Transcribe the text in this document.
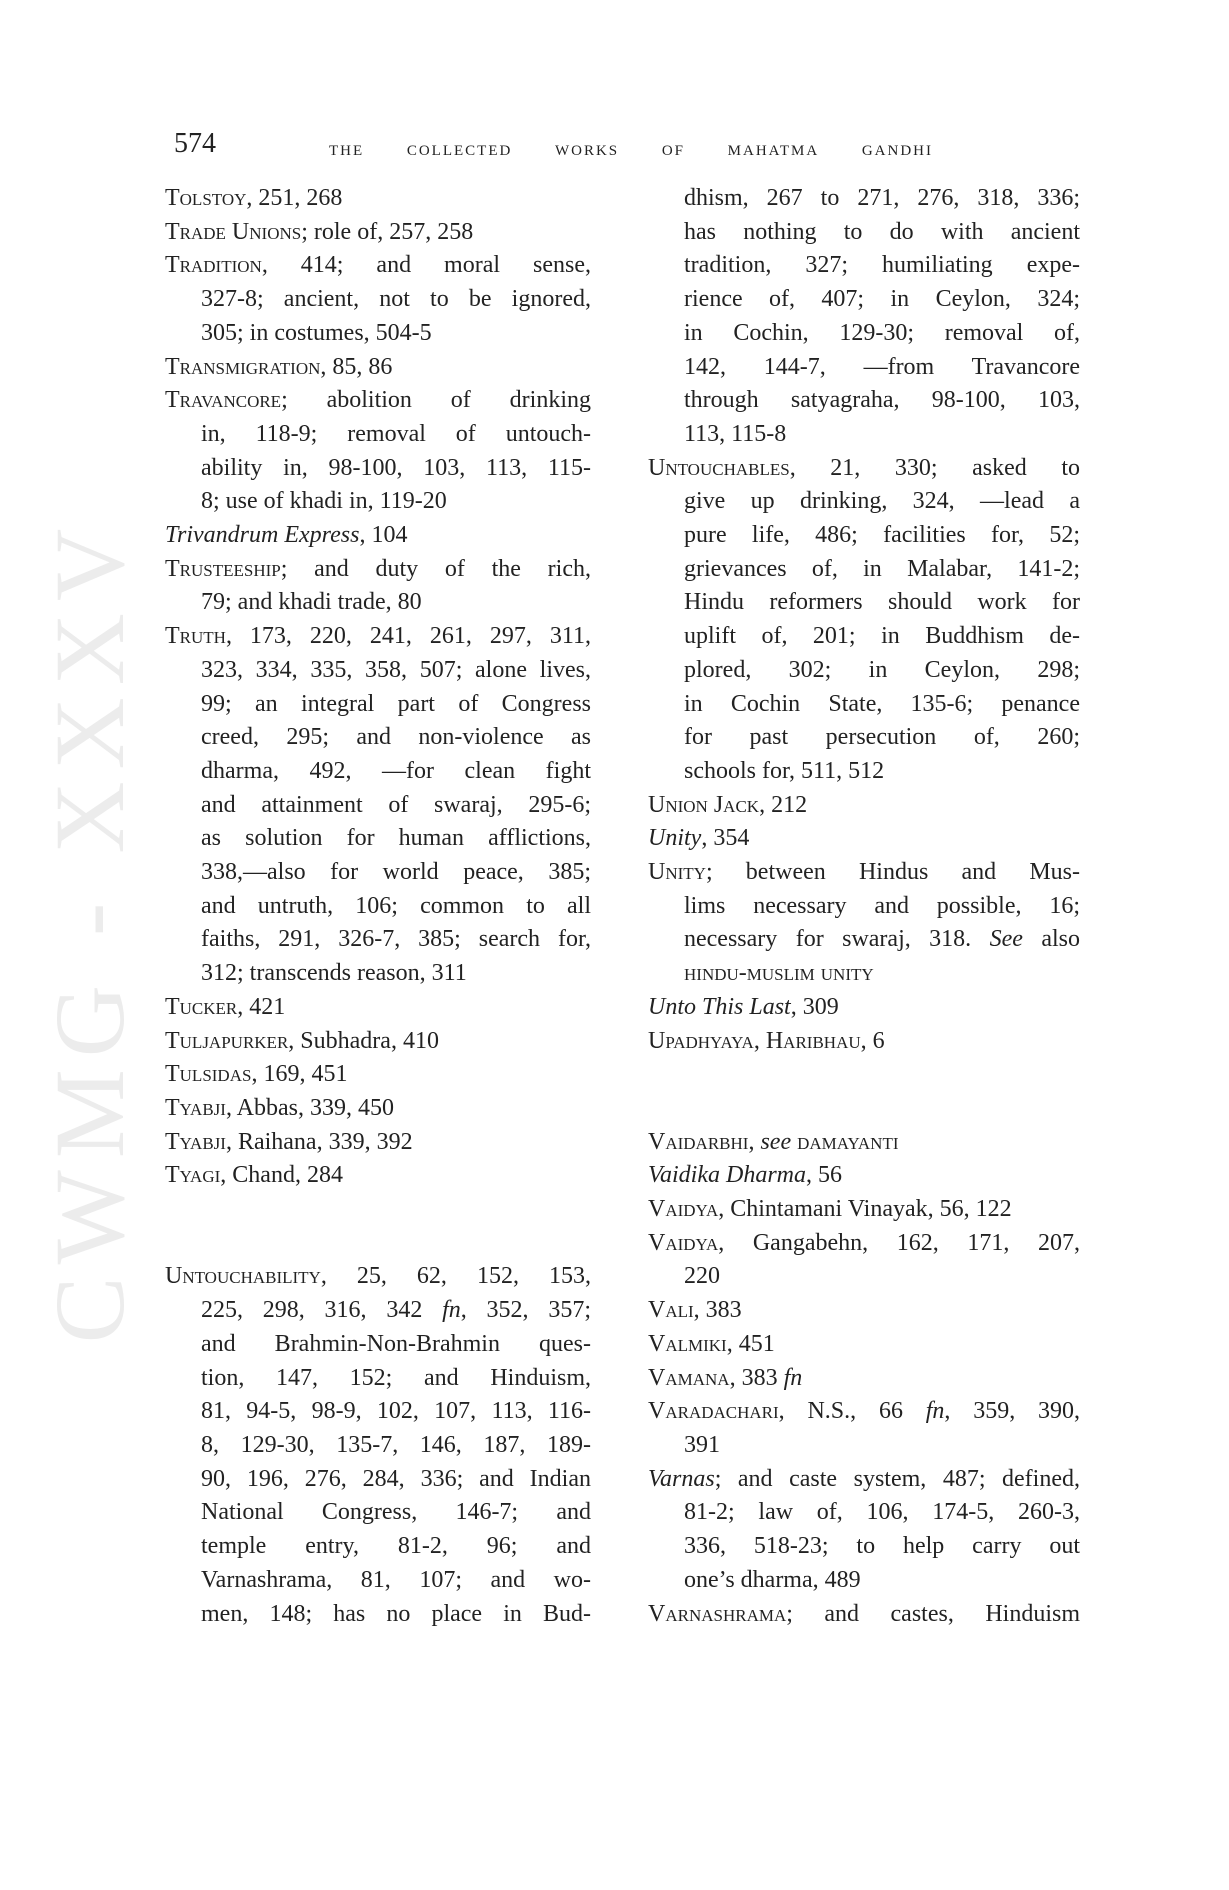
CWMG - XXXV
574	the collected works of mahatma gandhi
Tolstoy, 251, 268
Trade Unions; role of, 257, 258
Tradition, 414; and moral sense,
327-8; ancient, not to be ignored,
305; in costumes, 504-5
Transmigration, 85, 86
Travancore; abolition of drinking
in, 118-9; removal of untouch-
ability in, 98-100, 103, 113, 115-
8; use of khadi in, 119-20
Trivandrum Express, 104
Trusteeship; and duty of the rich,
79; and khadi trade, 80
Truth, 173, 220, 241, 261, 297, 311,
323, 334, 335, 358, 507; alone lives,
99; an integral part of Congress
creed, 295; and non-violence as
dharma, 492, —for clean fight
and attainment of swaraj, 295-6;
as solution for human afflictions,
338,—also for world peace, 385;
and untruth, 106; common to all
faiths, 291, 326-7, 385; search for,
312; transcends reason, 311
Tucker, 421
Tuljapurker, Subhadra, 410
Tulsidas, 169, 451
Tyabji, Abbas, 339, 450
Tyabji, Raihana, 339, 392
Tyagi, Chand, 284
Untouchability, 25, 62, 152, 153,
225, 298, 316, 342 fn, 352, 357;
and Brahmin-Non-Brahmin ques-
tion, 147, 152; and Hinduism,
81, 94-5, 98-9, 102, 107, 113, 116-
8, 129-30, 135-7, 146, 187, 189-
90, 196, 276, 284, 336; and Indian
National Congress, 146-7; and
temple entry, 81-2, 96; and
Varnashrama, 81, 107; and wo-
men, 148; has no place in Bud-
dhism, 267 to 271, 276, 318, 336;
has nothing to do with ancient
tradition, 327; humiliating expe-
rience of, 407; in Ceylon, 324;
in Cochin, 129-30; removal of,
142, 144-7, —from Travancore
through satyagraha, 98-100, 103,
113, 115-8
Untouchables, 21, 330; asked to
give up drinking, 324, —lead a
pure life, 486; facilities for, 52;
grievances of, in Malabar, 141-2;
Hindu reformers should work for
uplift of, 201; in Buddhism de-
plored, 302; in Ceylon, 298;
in Cochin State, 135-6; penance
for past persecution of, 260;
schools for, 511, 512
Union Jack, 212
Unity, 354
Unity; between Hindus and Mus-
lims necessary and possible, 16;
necessary for swaraj, 318. See also
hindu-muslim unity
Unto This Last, 309
Upadhyaya, Haribhau, 6
Vaidarbhi, see damayanti
Vaidika Dharma, 56
Vaidya, Chintamani Vinayak, 56, 122
Vaidya, Gangabehn, 162, 171, 207,
220
Vali, 383
Valmiki, 451
Vamana, 383 fn
Varadachari, N.S., 66 fn, 359, 390,
391
Varnas; and caste system, 487; defined,
81-2; law of, 106, 174-5, 260-3,
336, 518-23; to help carry out
one’s dharma, 489
Varnashrama; and castes, Hinduism
